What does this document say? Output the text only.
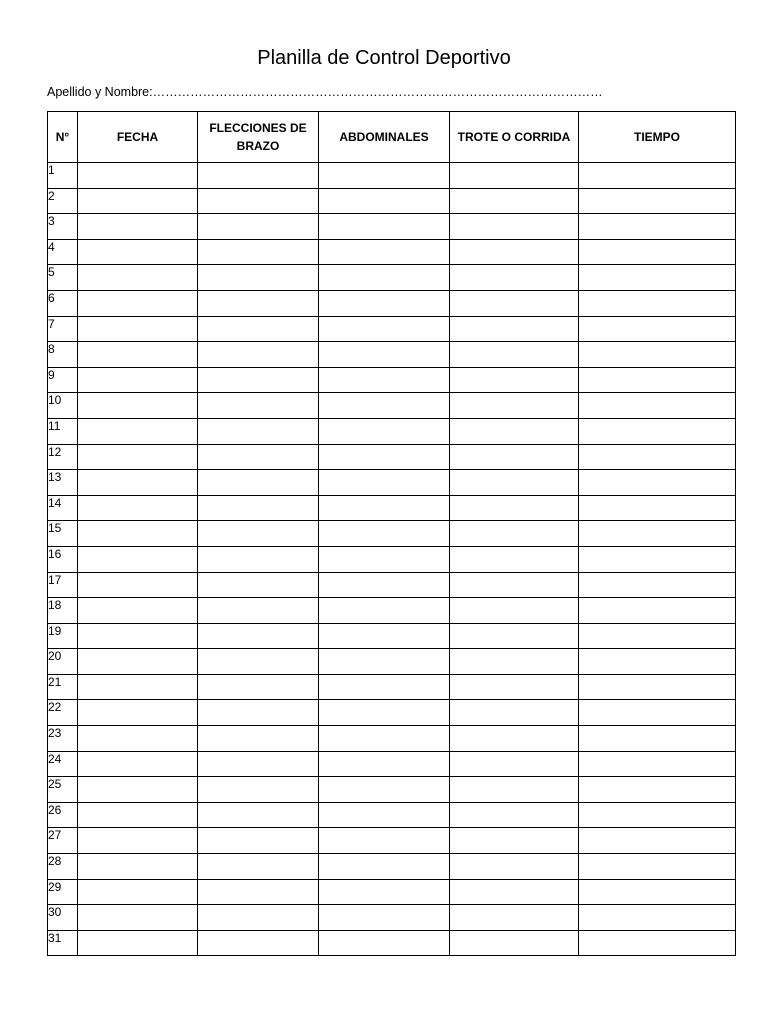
Planilla de Control Deportivo
Apellido y Nombre:………………………………………………………………………………………………
N°	FECHA	FLECCIONES DE BRAZO	ABDOMINALES	TROTE O CORRIDA	TIEMPO
1					
2					
3					
4					
5					
6					
7					
8					
9					
10					
11					
12					
13					
14					
15					
16					
17					
18					
19					
20					
21					
22					
23					
24					
25					
26					
27					
28					
29					
30					
31					
